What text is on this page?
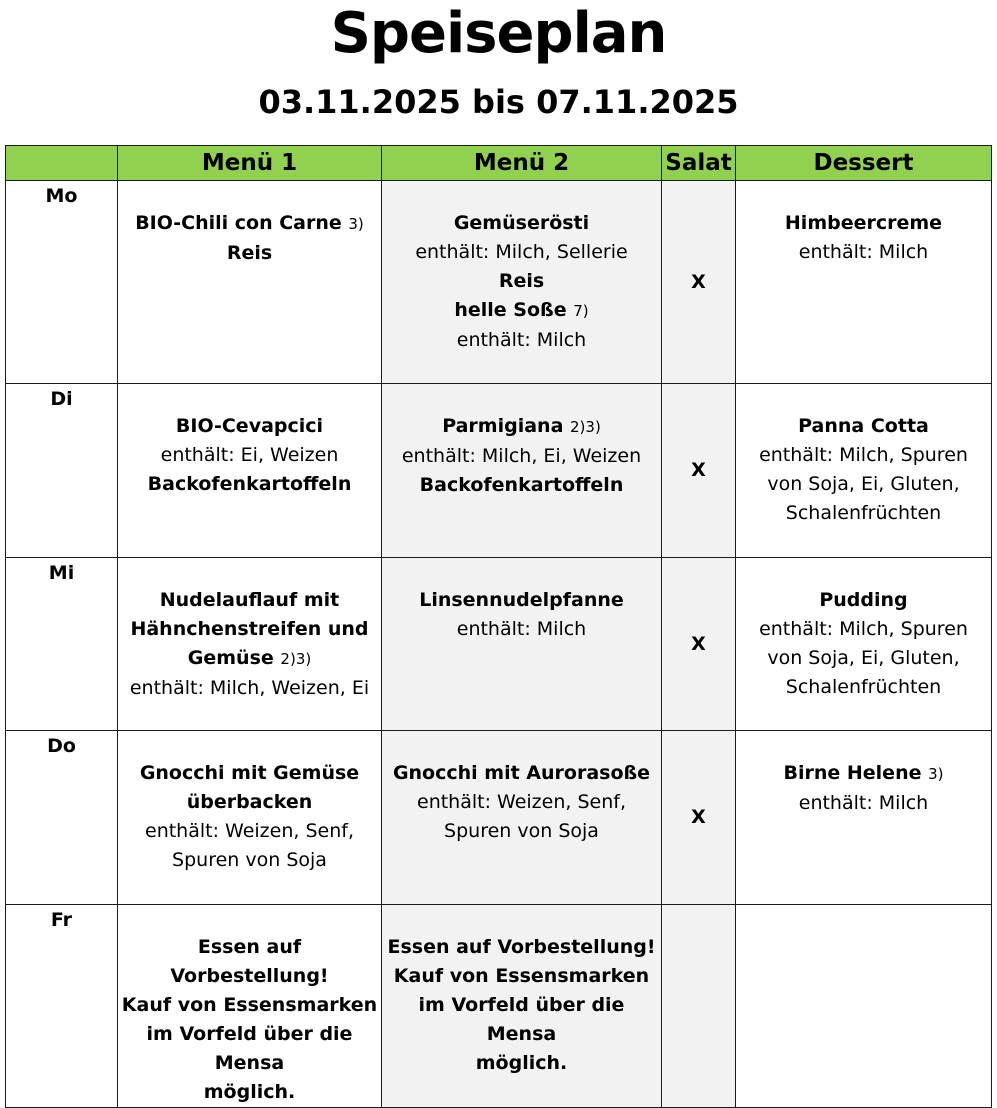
Speiseplan
03.11.2025 bis 07.11.2025
	Menü 1	Menü 2	Salat	Dessert
Mo	BIO-Chili con Carne 3)
Reis	Gemüserösti
enthält: Milch, Sellerie
Reis
helle Soße 7)
enthält: Milch	X	Himbeercreme
enthält: Milch

Di	BIO-Cevapcici
enthält: Ei, Weizen
Backofenkartoffeln	Parmigiana 2)3)
enthält: Milch, Ei, Weizen
Backofenkartoffeln	X	Panna Cotta
enthält: Milch, Spuren
von Soja, Ei, Gluten,
Schalenfrüchten

Mi	Nudelauflauf mit
Hähnchenstreifen und
Gemüse 2)3)
enthält: Milch, Weizen, Ei	Linsennudelpfanne
enthält: Milch	X	Pudding
enthält: Milch, Spuren
von Soja, Ei, Gluten,
Schalenfrüchten

Do	Gnocchi mit Gemüse
überbacken
enthält: Weizen, Senf,
Spuren von Soja	Gnocchi mit Aurorasoße
enthält: Weizen, Senf,
Spuren von Soja	X	Birne Helene 3)
enthält: Milch

Fr	Essen auf Vorbestellung!
Kauf von Essensmarken
im Vorfeld über die Mensa
möglich.	Essen auf Vorbestellung!
Kauf von Essensmarken
im Vorfeld über die Mensa
möglich.		
